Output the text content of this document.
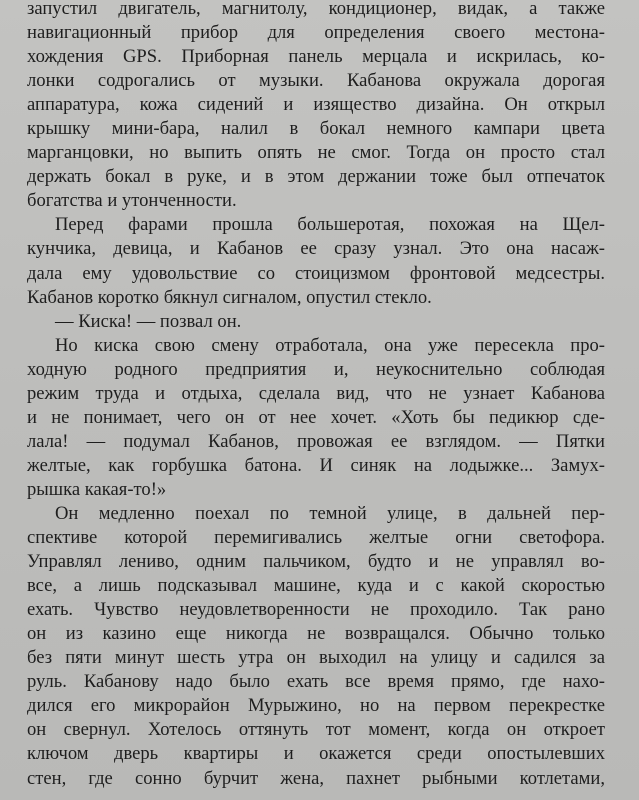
запустил двигатель, магнитолу, кондиционер, видак, а также
навигационный прибор для определения своего местона-
хождения GPS. Приборная панель мерцала и искрилась, ко-
лонки содрогались от музыки. Кабанова окружала дорогая
аппаратура, кожа сидений и изящество дизайна. Он открыл
крышку мини-бара, налил в бокал немного кампари цвета
марганцовки, но выпить опять не смог. Тогда он просто стал
держать бокал в руке, и в этом держании тоже был отпечаток
богатства и утонченности.
Перед фарами прошла большеротая, похожая на Щел-
кунчика, девица, и Кабанов ее сразу узнал. Это она насаж-
дала ему удовольствие со стоицизмом фронтовой медсестры.
Кабанов коротко бякнул сигналом, опустил стекло.
— Киска! — позвал он.
Но киска свою смену отработала, она уже пересекла про-
ходную родного предприятия и, неукоснительно соблюдая
режим труда и отдыха, сделала вид, что не узнает Кабанова
и не понимает, чего он от нее хочет. «Хоть бы педикюр сде-
лала! — подумал Кабанов, провожая ее взглядом. — Пятки
желтые, как горбушка батона. И синяк на лодыжке... Замух-
рышка какая-то!»
Он медленно поехал по темной улице, в дальней пер-
спективе которой перемигивались желтые огни светофора.
Управлял лениво, одним пальчиком, будто и не управлял во-
все, а лишь подсказывал машине, куда и с какой скоростью
ехать. Чувство неудовлетворенности не проходило. Так рано
он из казино еще никогда не возвращался. Обычно только
без пяти минут шесть утра он выходил на улицу и садился за
руль. Кабанову надо было ехать все время прямо, где нахо-
дился его микрорайон Мурыжино, но на первом перекрестке
он свернул. Хотелось оттянуть тот момент, когда он откроет
ключом дверь квартиры и окажется среди опостылевших
стен, где сонно бурчит жена, пахнет рыбными котлетами,
